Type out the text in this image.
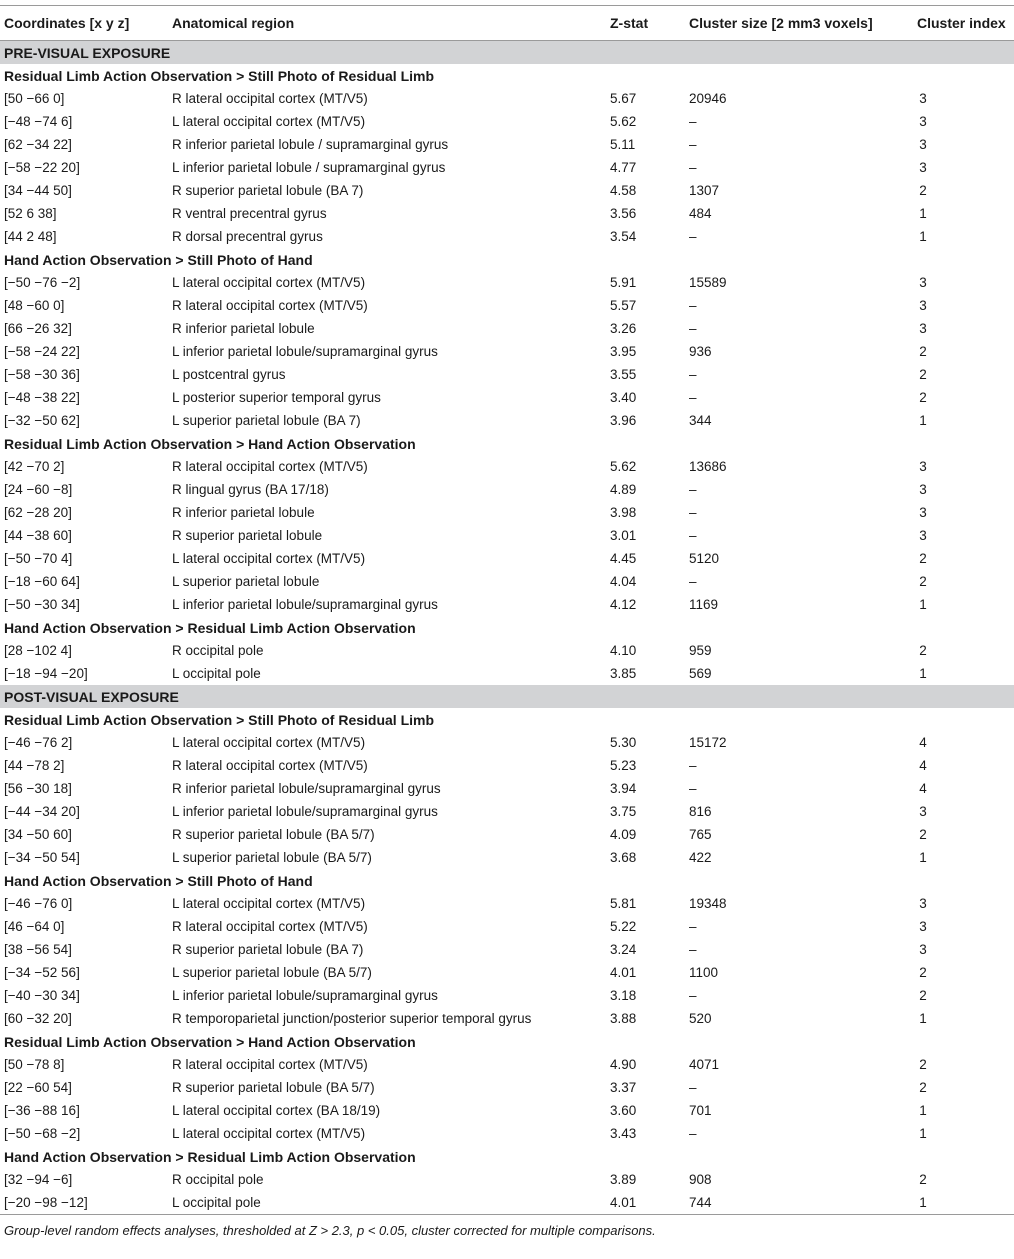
Coordinates [x y z]	Anatomical region	Z-stat	Cluster size [2 mm3 voxels]	Cluster index
PRE-VISUAL EXPOSURE
Residual Limb Action Observation > Still Photo of Residual Limb
[50 −66 0]	R lateral occipital cortex (MT/V5)	5.67	20946	3
[−48 −74 6]	L lateral occipital cortex (MT/V5)	5.62	–	3
[62 −34 22]	R inferior parietal lobule / supramarginal gyrus	5.11	–	3
[−58 −22 20]	L inferior parietal lobule / supramarginal gyrus	4.77	–	3
[34 −44 50]	R superior parietal lobule (BA 7)	4.58	1307	2
[52 6 38]	R ventral precentral gyrus	3.56	484	1
[44 2 48]	R dorsal precentral gyrus	3.54	–	1
Hand Action Observation > Still Photo of Hand
[−50 −76 −2]	L lateral occipital cortex (MT/V5)	5.91	15589	3
[48 −60 0]	R lateral occipital cortex (MT/V5)	5.57	–	3
[66 −26 32]	R inferior parietal lobule	3.26	–	3
[−58 −24 22]	L inferior parietal lobule/supramarginal gyrus	3.95	936	2
[−58 −30 36]	L postcentral gyrus	3.55	–	2
[−48 −38 22]	L posterior superior temporal gyrus	3.40	–	2
[−32 −50 62]	L superior parietal lobule (BA 7)	3.96	344	1
Residual Limb Action Observation > Hand Action Observation
[42 −70 2]	R lateral occipital cortex (MT/V5)	5.62	13686	3
[24 −60 −8]	R lingual gyrus (BA 17/18)	4.89	–	3
[62 −28 20]	R inferior parietal lobule	3.98	–	3
[44 −38 60]	R superior parietal lobule	3.01	–	3
[−50 −70 4]	L lateral occipital cortex (MT/V5)	4.45	5120	2
[−18 −60 64]	L superior parietal lobule	4.04	–	2
[−50 −30 34]	L inferior parietal lobule/supramarginal gyrus	4.12	1169	1
Hand Action Observation > Residual Limb Action Observation
[28 −102 4]	R occipital pole	4.10	959	2
[−18 −94 −20]	L occipital pole	3.85	569	1
POST-VISUAL EXPOSURE
Residual Limb Action Observation > Still Photo of Residual Limb
[−46 −76 2]	L lateral occipital cortex (MT/V5)	5.30	15172	4
[44 −78 2]	R lateral occipital cortex (MT/V5)	5.23	–	4
[56 −30 18]	R inferior parietal lobule/supramarginal gyrus	3.94	–	4
[−44 −34 20]	L inferior parietal lobule/supramarginal gyrus	3.75	816	3
[34 −50 60]	R superior parietal lobule (BA 5/7)	4.09	765	2
[−34 −50 54]	L superior parietal lobule (BA 5/7)	3.68	422	1
Hand Action Observation > Still Photo of Hand
[−46 −76 0]	L lateral occipital cortex (MT/V5)	5.81	19348	3
[46 −64 0]	R lateral occipital cortex (MT/V5)	5.22	–	3
[38 −56 54]	R superior parietal lobule (BA 7)	3.24	–	3
[−34 −52 56]	L superior parietal lobule (BA 5/7)	4.01	1100	2
[−40 −30 34]	L inferior parietal lobule/supramarginal gyrus	3.18	–	2
[60 −32 20]	R temporoparietal junction/posterior superior temporal gyrus	3.88	520	1
Residual Limb Action Observation > Hand Action Observation
[50 −78 8]	R lateral occipital cortex (MT/V5)	4.90	4071	2
[22 −60 54]	R superior parietal lobule (BA 5/7)	3.37	–	2
[−36 −88 16]	L lateral occipital cortex (BA 18/19)	3.60	701	1
[−50 −68 −2]	L lateral occipital cortex (MT/V5)	3.43	–	1
Hand Action Observation > Residual Limb Action Observation
[32 −94 −6]	R occipital pole	3.89	908	2
[−20 −98 −12]	L occipital pole	4.01	744	1
Group-level random effects analyses, thresholded at Z > 2.3, p < 0.05, cluster corrected for multiple comparisons.
